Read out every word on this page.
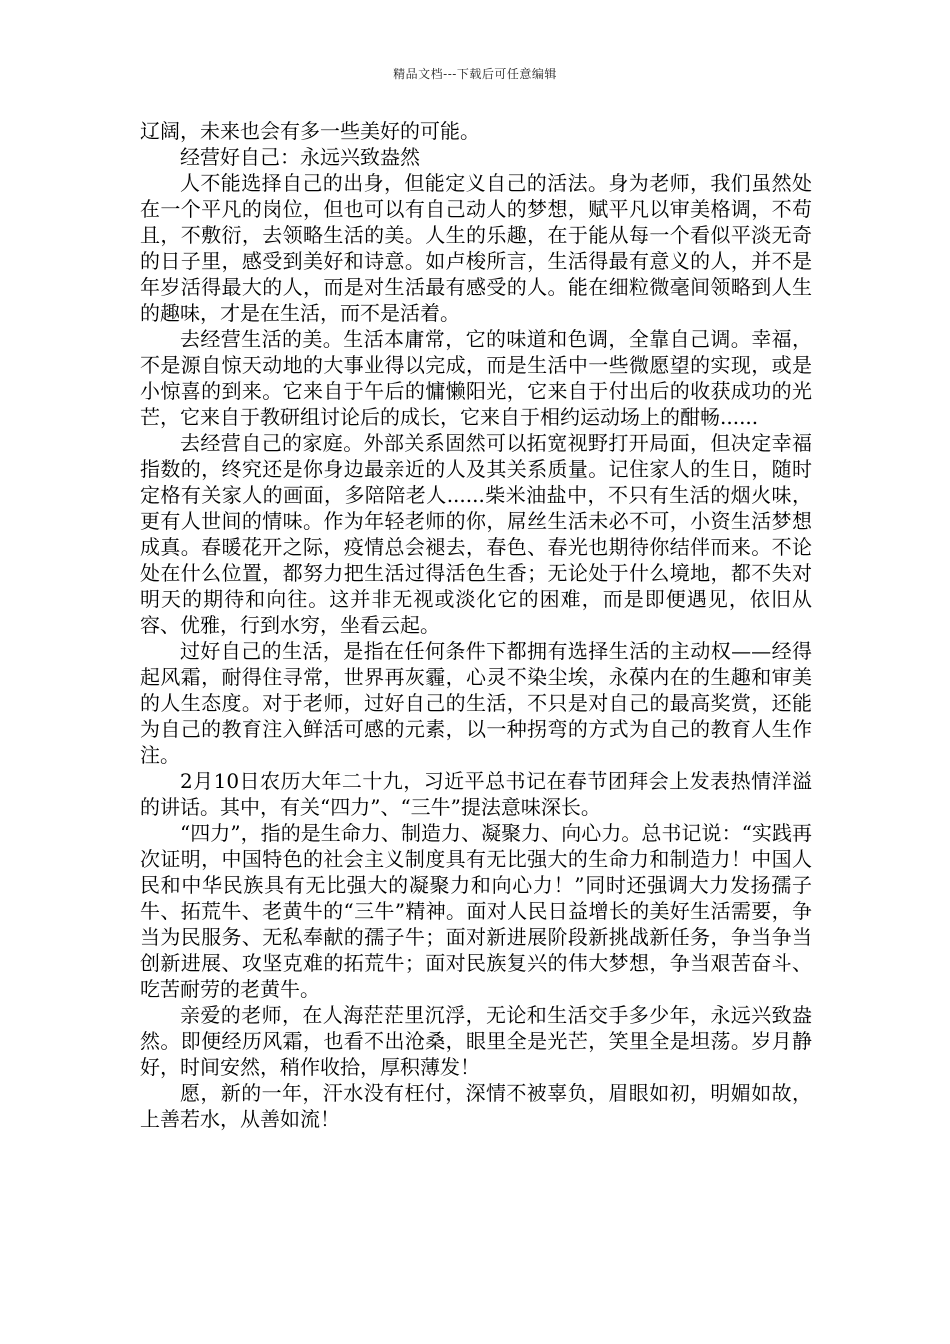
精品文档---下载后可任意编辑

辽阔，未来也会有多一些美好的可能。

经营好自己：永远兴致盎然

人不能选择自己的出身，但能定义自己的活法。身为老师，我们虽然处在一个平凡的岗位，但也可以有自己动人的梦想，赋平凡以审美格调，不苟且，不敷衍，去领略生活的美。人生的乐趣，在于能从每一个看似平淡无奇的日子里，感受到美好和诗意。如卢梭所言，生活得最有意义的人，并不是年岁活得最大的人，而是对生活最有感受的人。能在细粒微毫间领略到人生的趣味，才是在生活，而不是活着。

去经营生活的美。生活本庸常，它的味道和色调，全靠自己调。幸福，不是源自惊天动地的大事业得以完成，而是生活中一些微愿望的实现，或是小惊喜的到来。它来自于午后的慵懒阳光，它来自于付出后的收获成功的光芒，它来自于教研组讨论后的成长，它来自于相约运动场上的酣畅......

去经营自己的家庭。外部关系固然可以拓宽视野打开局面，但决定幸福指数的，终究还是你身边最亲近的人及其关系质量。记住家人的生日，随时定格有关家人的画面，多陪陪老人......柴米油盐中，不只有生活的烟火味，更有人世间的情味。作为年轻老师的你，屌丝生活未必不可，小资生活梦想成真。春暖花开之际，疫情总会褪去，春色、春光也期待你结伴而来。不论处在什么位置，都努力把生活过得活色生香；无论处于什么境地，都不失对明天的期待和向往。这并非无视或淡化它的困难，而是即便遇见，依旧从容、优雅，行到水穷，坐看云起。

过好自己的生活，是指在任何条件下都拥有选择生活的主动权——经得起风霜，耐得住寻常，世界再灰霾，心灵不染尘埃，永葆内在的生趣和审美的人生态度。对于老师，过好自己的生活，不只是对自己的最高奖赏，还能为自己的教育注入鲜活可感的元素，以一种拐弯的方式为自己的教育人生作注。

2月10日农历大年二十九，习近平总书记在春节团拜会上发表热情洋溢的讲话。其中，有关“四力”、“三牛”提法意味深长。

“四力”，指的是生命力、制造力、凝聚力、向心力。总书记说：“实践再次证明，中国特色的社会主义制度具有无比强大的生命力和制造力！中国人民和中华民族具有无比强大的凝聚力和向心力！”同时还强调大力发扬孺子牛、拓荒牛、老黄牛的“三牛”精神。面对人民日益增长的美好生活需要，争当为民服务、无私奉献的孺子牛；面对新进展阶段新挑战新任务，争当争当创新进展、攻坚克难的拓荒牛；面对民族复兴的伟大梦想，争当艰苦奋斗、吃苦耐劳的老黄牛。

亲爱的老师，在人海茫茫里沉浮，无论和生活交手多少年，永远兴致盎然。即便经历风霜，也看不出沧桑，眼里全是光芒，笑里全是坦荡。岁月静好，时间安然，稍作收拾，厚积薄发！

愿，新的一年，汗水没有枉付，深情不被辜负，眉眼如初，明媚如故，上善若水，从善如流！
